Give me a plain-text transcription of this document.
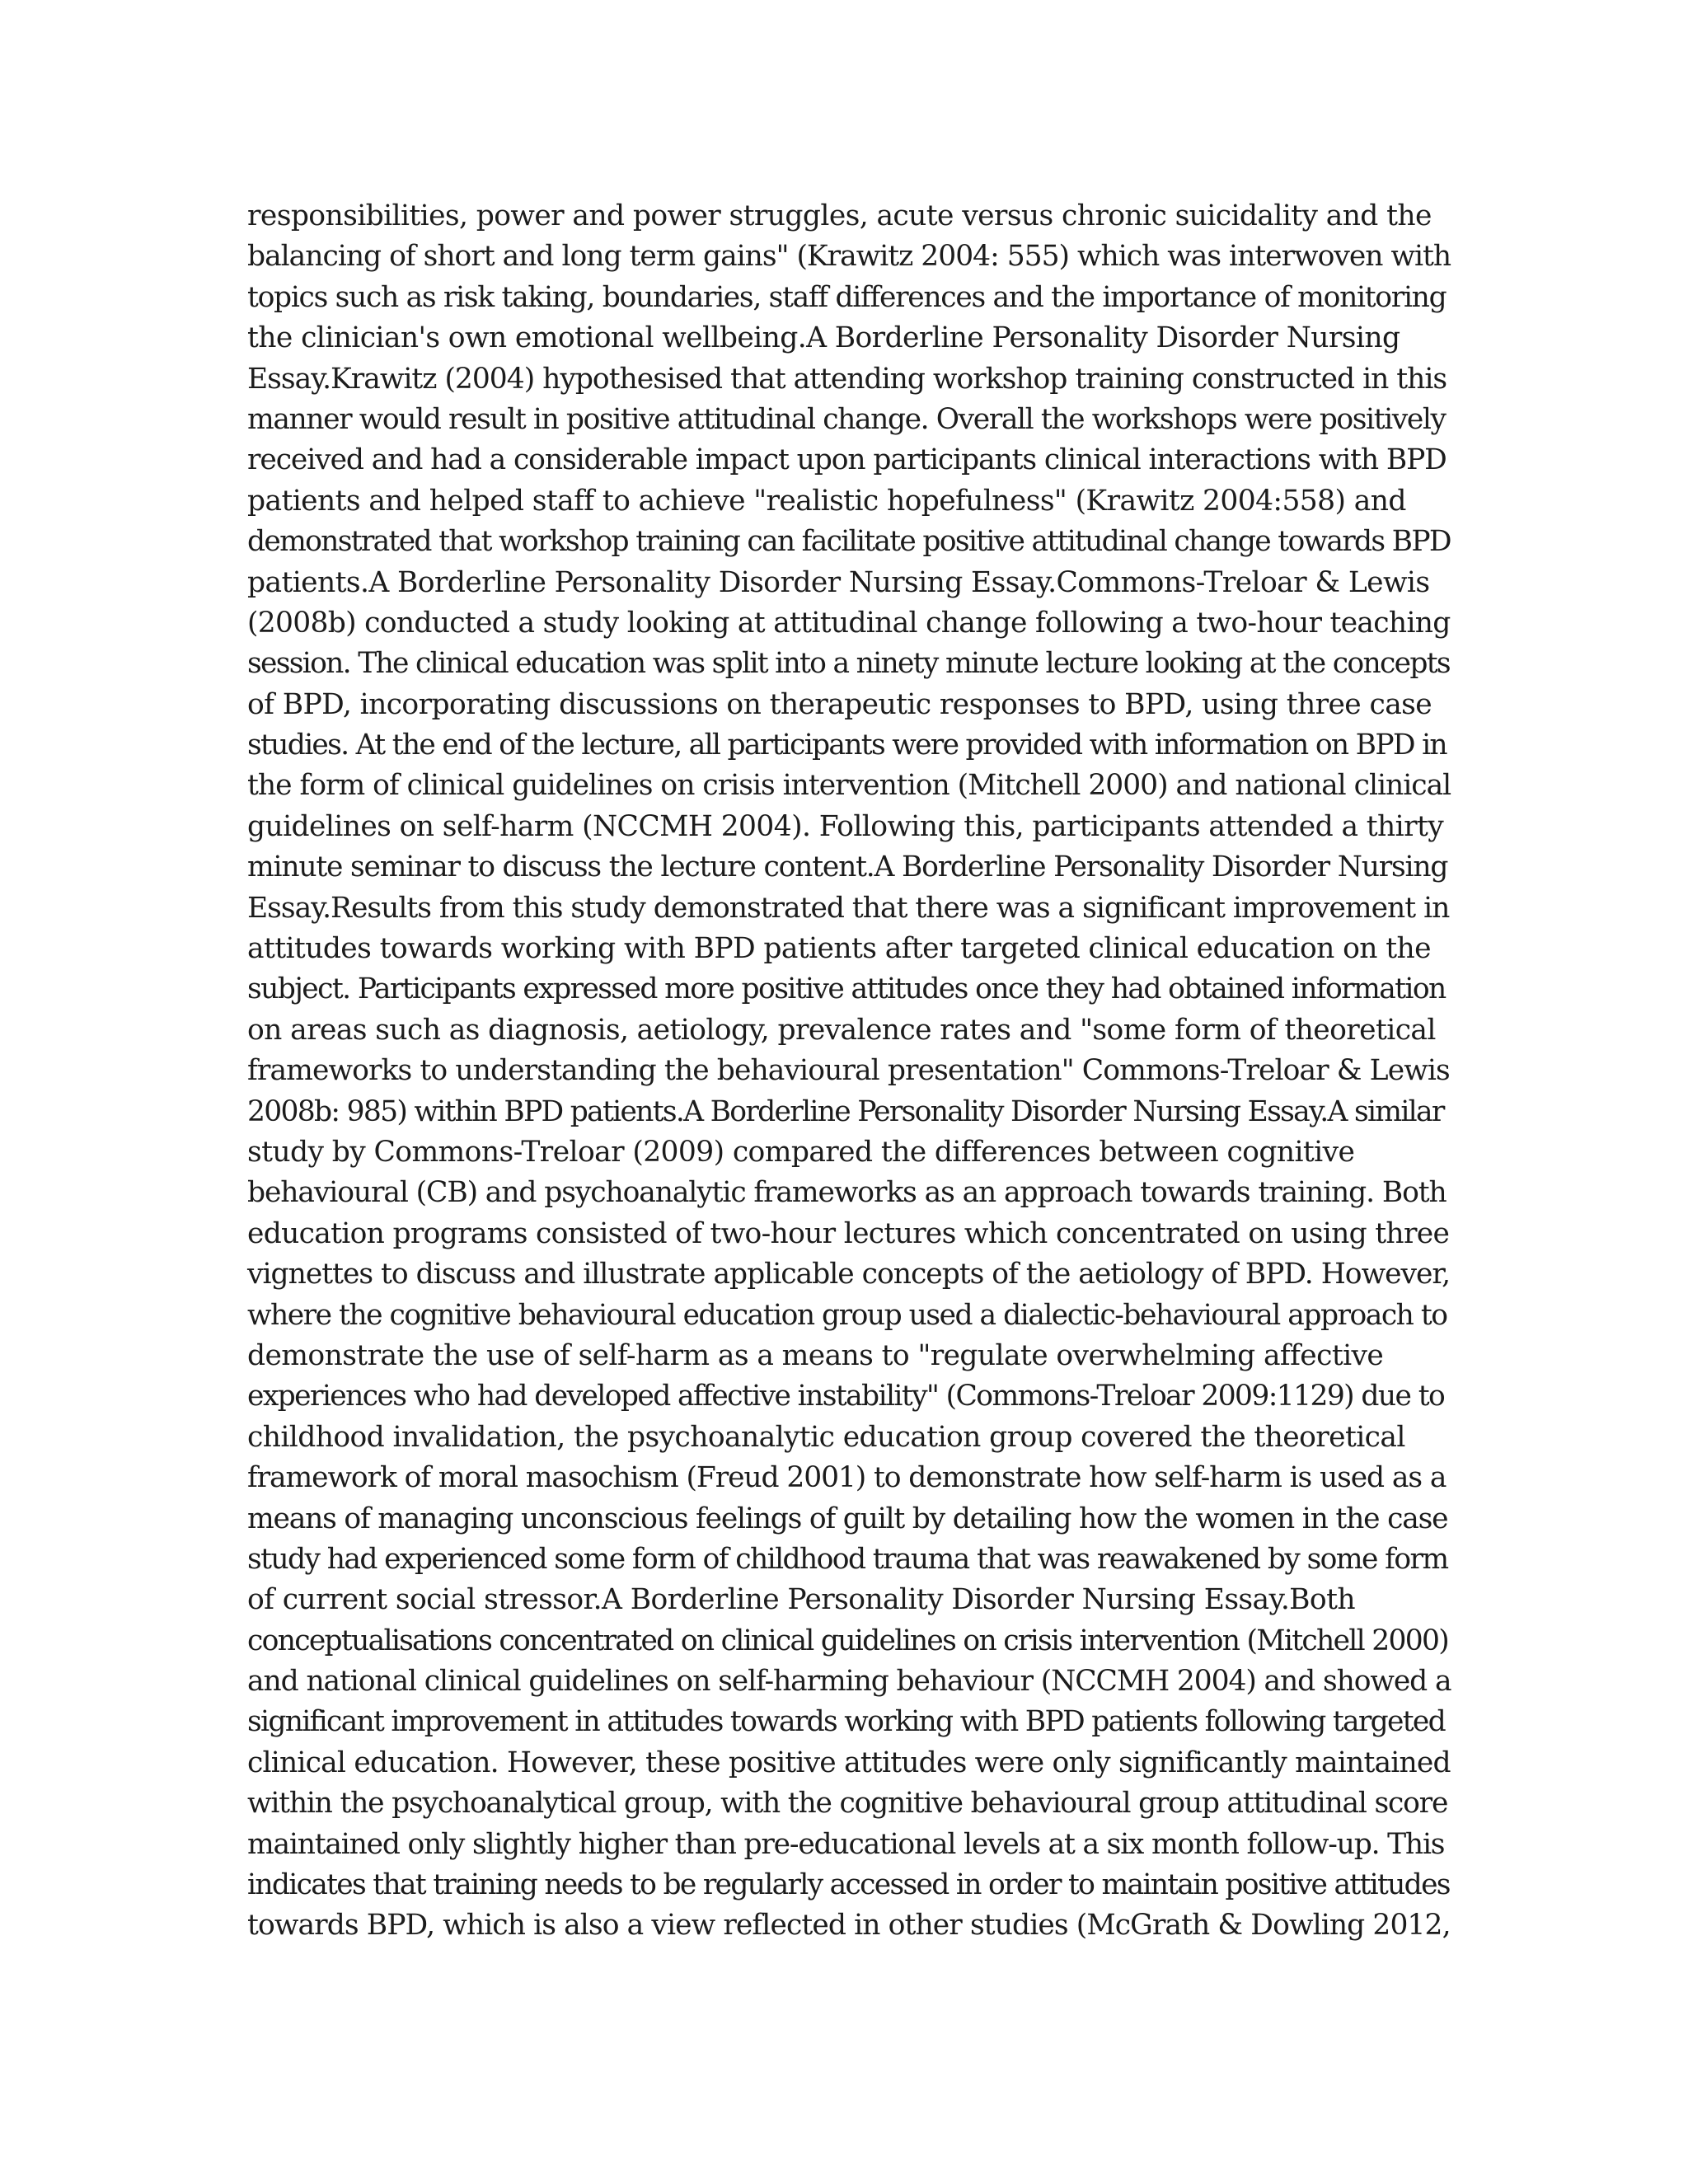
responsibilities, power and power struggles, acute versus chronic suicidality and the
balancing of short and long term gains" (Krawitz 2004: 555) which was interwoven with
topics such as risk taking, boundaries, staff differences and the importance of monitoring
the clinician's own emotional wellbeing.A Borderline Personality Disorder Nursing
Essay.Krawitz (2004) hypothesised that attending workshop training constructed in this
manner would result in positive attitudinal change. Overall the workshops were positively
received and had a considerable impact upon participants clinical interactions with BPD
patients and helped staff to achieve "realistic hopefulness" (Krawitz 2004:558) and
demonstrated that workshop training can facilitate positive attitudinal change towards BPD
patients.A Borderline Personality Disorder Nursing Essay.Commons-Treloar & Lewis
(2008b) conducted a study looking at attitudinal change following a two-hour teaching
session. The clinical education was split into a ninety minute lecture looking at the concepts
of BPD, incorporating discussions on therapeutic responses to BPD, using three case
studies. At the end of the lecture, all participants were provided with information on BPD in
the form of clinical guidelines on crisis intervention (Mitchell 2000) and national clinical
guidelines on self-harm (NCCMH 2004). Following this, participants attended a thirty
minute seminar to discuss the lecture content.A Borderline Personality Disorder Nursing
Essay.Results from this study demonstrated that there was a significant improvement in
attitudes towards working with BPD patients after targeted clinical education on the
subject. Participants expressed more positive attitudes once they had obtained information
on areas such as diagnosis, aetiology, prevalence rates and "some form of theoretical
frameworks to understanding the behavioural presentation" Commons-Treloar & Lewis
2008b: 985) within BPD patients.A Borderline Personality Disorder Nursing Essay.A similar
study by Commons-Treloar (2009) compared the differences between cognitive
behavioural (CB) and psychoanalytic frameworks as an approach towards training. Both
education programs consisted of two-hour lectures which concentrated on using three
vignettes to discuss and illustrate applicable concepts of the aetiology of BPD. However,
where the cognitive behavioural education group used a dialectic-behavioural approach to
demonstrate the use of self-harm as a means to "regulate overwhelming affective
experiences who had developed affective instability" (Commons-Treloar 2009:1129) due to
childhood invalidation, the psychoanalytic education group covered the theoretical
framework of moral masochism (Freud 2001) to demonstrate how self-harm is used as a
means of managing unconscious feelings of guilt by detailing how the women in the case
study had experienced some form of childhood trauma that was reawakened by some form
of current social stressor.A Borderline Personality Disorder Nursing Essay.Both
conceptualisations concentrated on clinical guidelines on crisis intervention (Mitchell 2000)
and national clinical guidelines on self-harming behaviour (NCCMH 2004) and showed a
significant improvement in attitudes towards working with BPD patients following targeted
clinical education. However, these positive attitudes were only significantly maintained
within the psychoanalytical group, with the cognitive behavioural group attitudinal score
maintained only slightly higher than pre-educational levels at a six month follow-up. This
indicates that training needs to be regularly accessed in order to maintain positive attitudes
towards BPD, which is also a view reflected in other studies (McGrath & Dowling 2012,
